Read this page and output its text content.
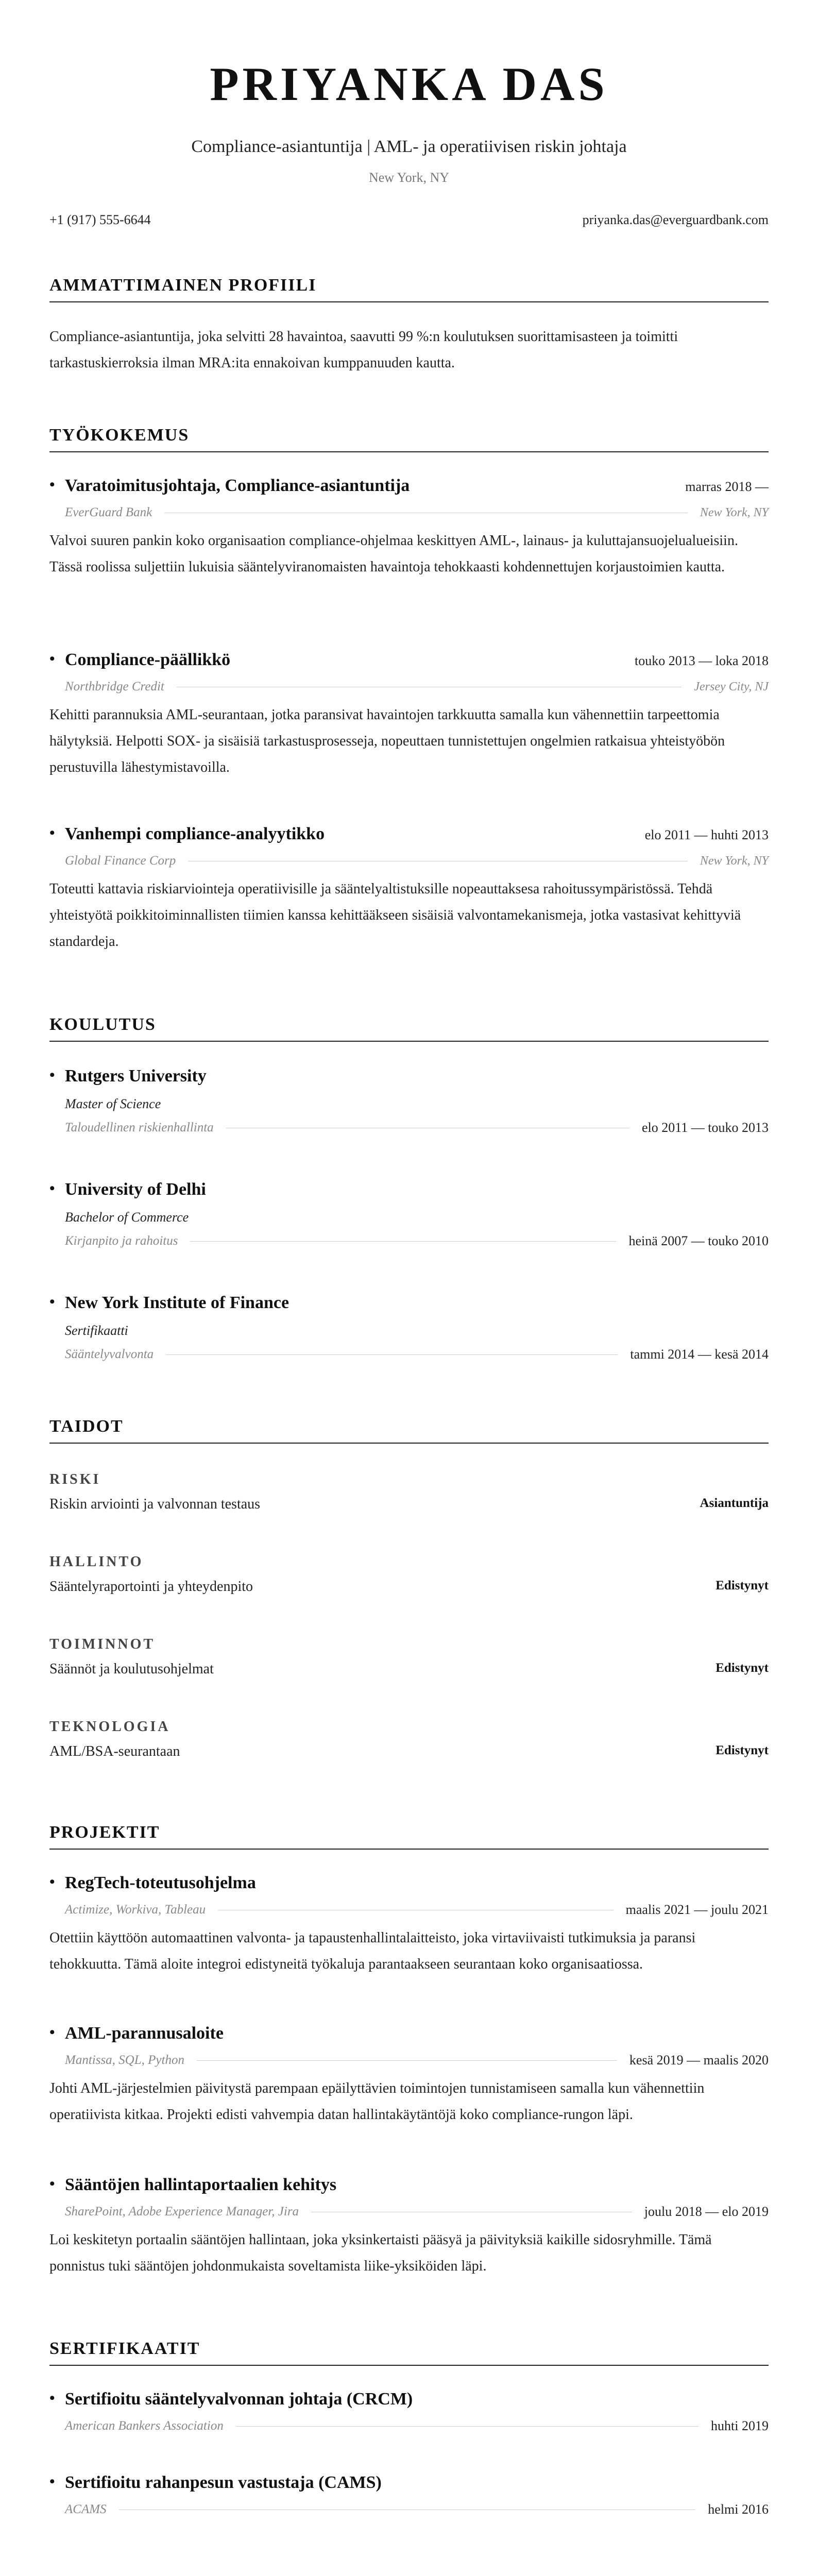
PRIYANKA DAS
Compliance-asiantuntija | AML- ja operatiivisen riskin johtaja
New York, NY
+1 (917) 555-6644	priyanka.das@everguardbank.com
AMMATTIMAINEN PROFIILI
Compliance-asiantuntija, joka selvitti 28 havaintoa, saavutti 99 %:n koulutuksen suorittamisasteen ja toimitti tarkastuskierroksia ilman MRA:ita ennakoivan kumppanuuden kautta.
TYÖKOKEMUS
• Varatoimitusjohtaja, Compliance-asiantuntija	marras 2018 —
EverGuard Bank	New York, NY
Valvoi suuren pankin koko organisaation compliance-ohjelmaa keskittyen AML-, lainaus- ja kuluttajansuojelualueisiin. Tässä roolissa suljettiin lukuisia sääntelyviranomaisten havaintoja tehokkaasti kohdennettujen korjaustoimien kautta.
• Compliance-päällikkö	touko 2013 — loka 2018
Northbridge Credit	Jersey City, NJ
Kehitti parannuksia AML-seurantaan, jotka paransivat havaintojen tarkkuutta samalla kun vähennettiin tarpeettomia hälytyksiä. Helpotti SOX- ja sisäisiä tarkastusprosesseja, nopeuttaen tunnistettujen ongelmien ratkaisua yhteistyöbön perustuvilla lähestymistavoilla.
• Vanhempi compliance-analyytikko	elo 2011 — huhti 2013
Global Finance Corp	New York, NY
Toteutti kattavia riskiarviointeja operatiivisille ja sääntelyaltistuksille nopeauttaksesa rahoitussympäristössä. Tehdä yhteistyötä poikkitoiminnallisten tiimien kanssa kehittääkseen sisäisiä valvontamekanismeja, jotka vastasivat kehittyviä standardeja.
KOULUTUS
• Rutgers University
Master of Science
Taloudellinen riskienhallinta	elo 2011 — touko 2013
• University of Delhi
Bachelor of Commerce
Kirjanpito ja rahoitus	heinä 2007 — touko 2010
• New York Institute of Finance
Sertifikaatti
Sääntelyvalvonta	tammi 2014 — kesä 2014
TAIDOT
RISKI
Riskin arviointi ja valvonnan testaus	Asiantuntija
HALLINTO
Sääntelyraportointi ja yhteydenpito	Edistynyt
TOIMINNOT
Säännöt ja koulutusohjelmat	Edistynyt
TEKNOLOGIA
AML/BSA-seurantaan	Edistynyt
PROJEKTIT
• RegTech-toteutusohjelma
Actimize, Workiva, Tableau	maalis 2021 — joulu 2021
Otettiin käyttöön automaattinen valvonta- ja tapaustenhallintalaitteisto, joka virtaviivaisti tutkimuksia ja paransi tehokkuutta. Tämä aloite integroi edistyneitä työkaluja parantaakseen seurantaan koko organisaatiossa.
• AML-parannusaloite
Mantissa, SQL, Python	kesä 2019 — maalis 2020
Johti AML-järjestelmien päivitystä parempaan epäilyttävien toimintojen tunnistamiseen samalla kun vähennettiin operatiivista kitkaa. Projekti edisti vahvempia datan hallintakäytäntöjä koko compliance-rungon läpi.
• Sääntöjen hallintaportaalien kehitys
SharePoint, Adobe Experience Manager, Jira	joulu 2018 — elo 2019
Loi keskitetyn portaalin sääntöjen hallintaan, joka yksinkertaisti pääsyä ja päivityksiä kaikille sidosryhmille. Tämä ponnistus tuki sääntöjen johdonmukaista soveltamista liike-yksiköiden läpi.
SERTIFIKAATIT
• Sertifioitu sääntelyvalvonnan johtaja (CRCM)
American Bankers Association	huhti 2019
• Sertifioitu rahanpesun vastustaja (CAMS)
ACAMS	helmi 2016
